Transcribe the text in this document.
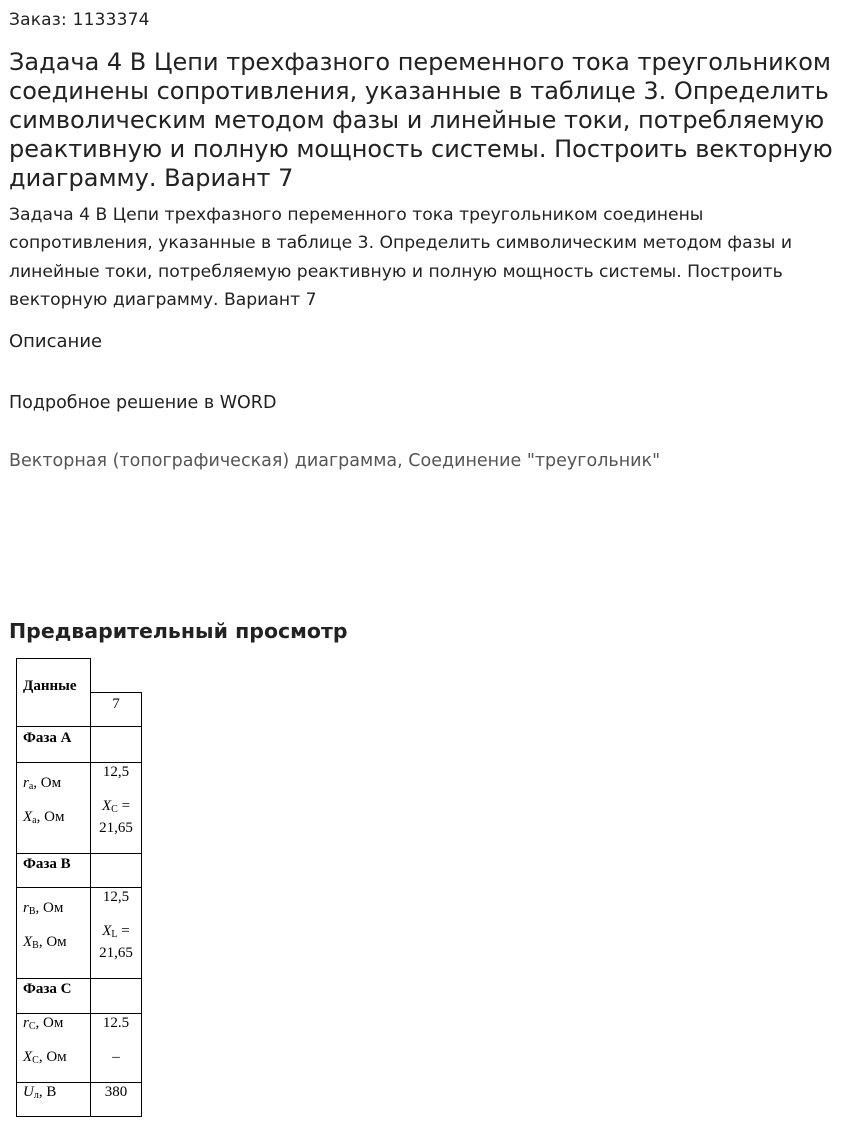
Заказ: 1133374
Задача 4 В Цепи трехфазного переменного тока треугольником соединены сопротивления, указанные в таблице 3. Определить символическим методом фазы и линейные токи, потребляемую реактивную и полную мощность системы. Построить векторную диаграмму. Вариант 7

Задача 4 В Цепи трехфазного переменного тока треугольником соединены сопротивления, указанные в таблице 3. Определить символическим методом фазы и линейные токи, потребляемую реактивную и полную мощность системы. Построить векторную диаграмму. Вариант 7

Описание
Подробное решение в WORD
Векторная (топографическая) диаграмма, Соединение "треугольник"
Предварительный просмотр
Данные
7
Фаза А
$r_a$, Ом
$X_a$, Ом
12,5
$X_C$ =
21,65
Фаза В
$r_B$, Ом
$X_B$, Ом
12,5
$X_L$ =
21,65
Фаза С
$r_C$, Ом
$X_C$, Ом
12.5
–
$U_л$, В	380
